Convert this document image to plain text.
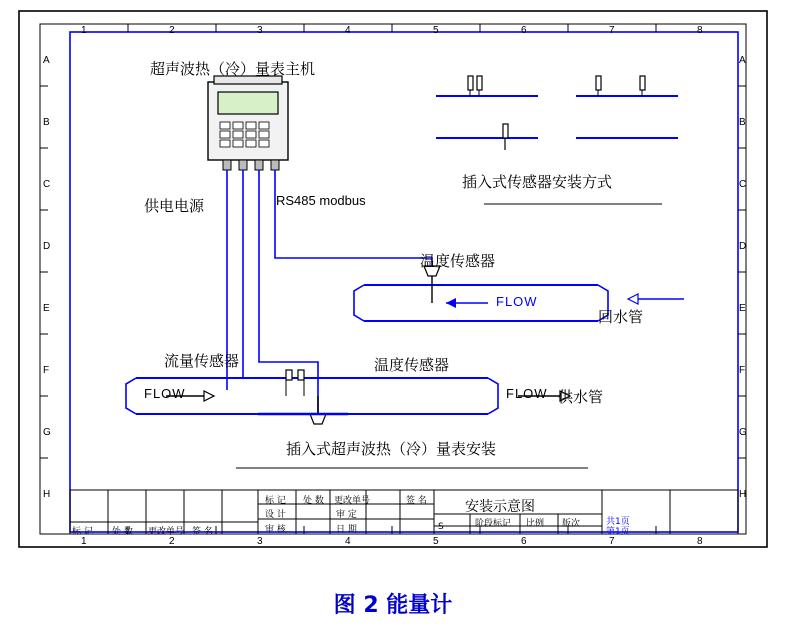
1	2	3	4	5	6	7	8
1	2	3	4	5	6	7	8
A
B
C
D
E
F
G
H
A
B
C
D
E
F
G
H
超声波热（冷）量表主机
供电电源	RS485 modbus
温度传感器
温度传感器
流量传感器
插入式传感器安装方式
回水管
供水管
插入式超声波热（冷）量表安装
FLOW
FLOW	FLOW
标 记 处 数 更改单号	签 名
设 计	审 定
审 核	日 期
标 记 处 数 更改单号 签 名
安装示意图
阶段标记 比例 版次	共1页
第1页
S
图 2 能量计
